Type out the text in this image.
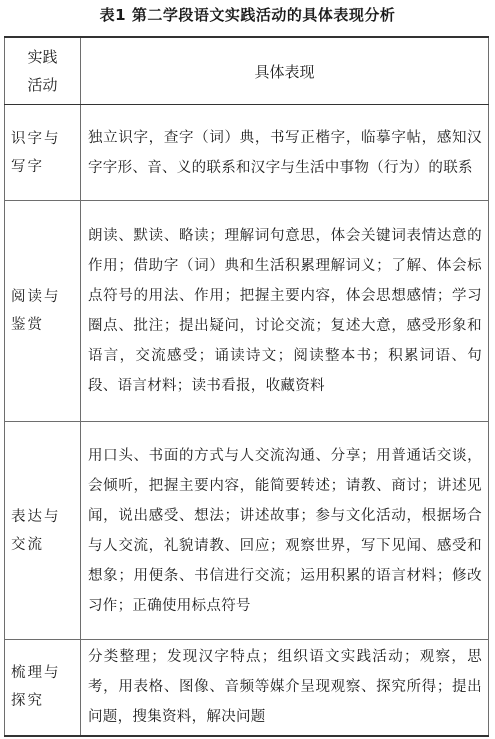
表1 第二学段语文实践活动的具体表现分析
实践
活动	具体表现

识字与
写字	独立识字，查字（词）典，书写正楷字，临摹字帖，感知汉字字形、音、义的联系和汉字与生活中事物（行为）的联系

阅读与
鉴赏	朗读、默读、略读；理解词句意思，体会关键词表情达意的作用；借助字（词）典和生活积累理解词义；了解、体会标点符号的用法、作用；把握主要内容，体会思想感情；学习圈点、批注；提出疑问，讨论交流；复述大意，感受形象和语言，交流感受；诵读诗文；阅读整本书；积累词语、句段、语言材料；读书看报，收藏资料

表达与
交流	用口头、书面的方式与人交流沟通、分享；用普通话交谈，会倾听，把握主要内容，能简要转述；请教、商讨；讲述见闻，说出感受、想法；讲述故事；参与文化活动，根据场合与人交流，礼貌请教、回应；观察世界，写下见闻、感受和想象；用便条、书信进行交流；运用积累的语言材料；修改习作；正确使用标点符号

梳理与
探究	分类整理；发现汉字特点；组织语文实践活动；观察，思考，用表格、图像、音频等媒介呈现观察、探究所得；提出问题，搜集资料，解决问题
